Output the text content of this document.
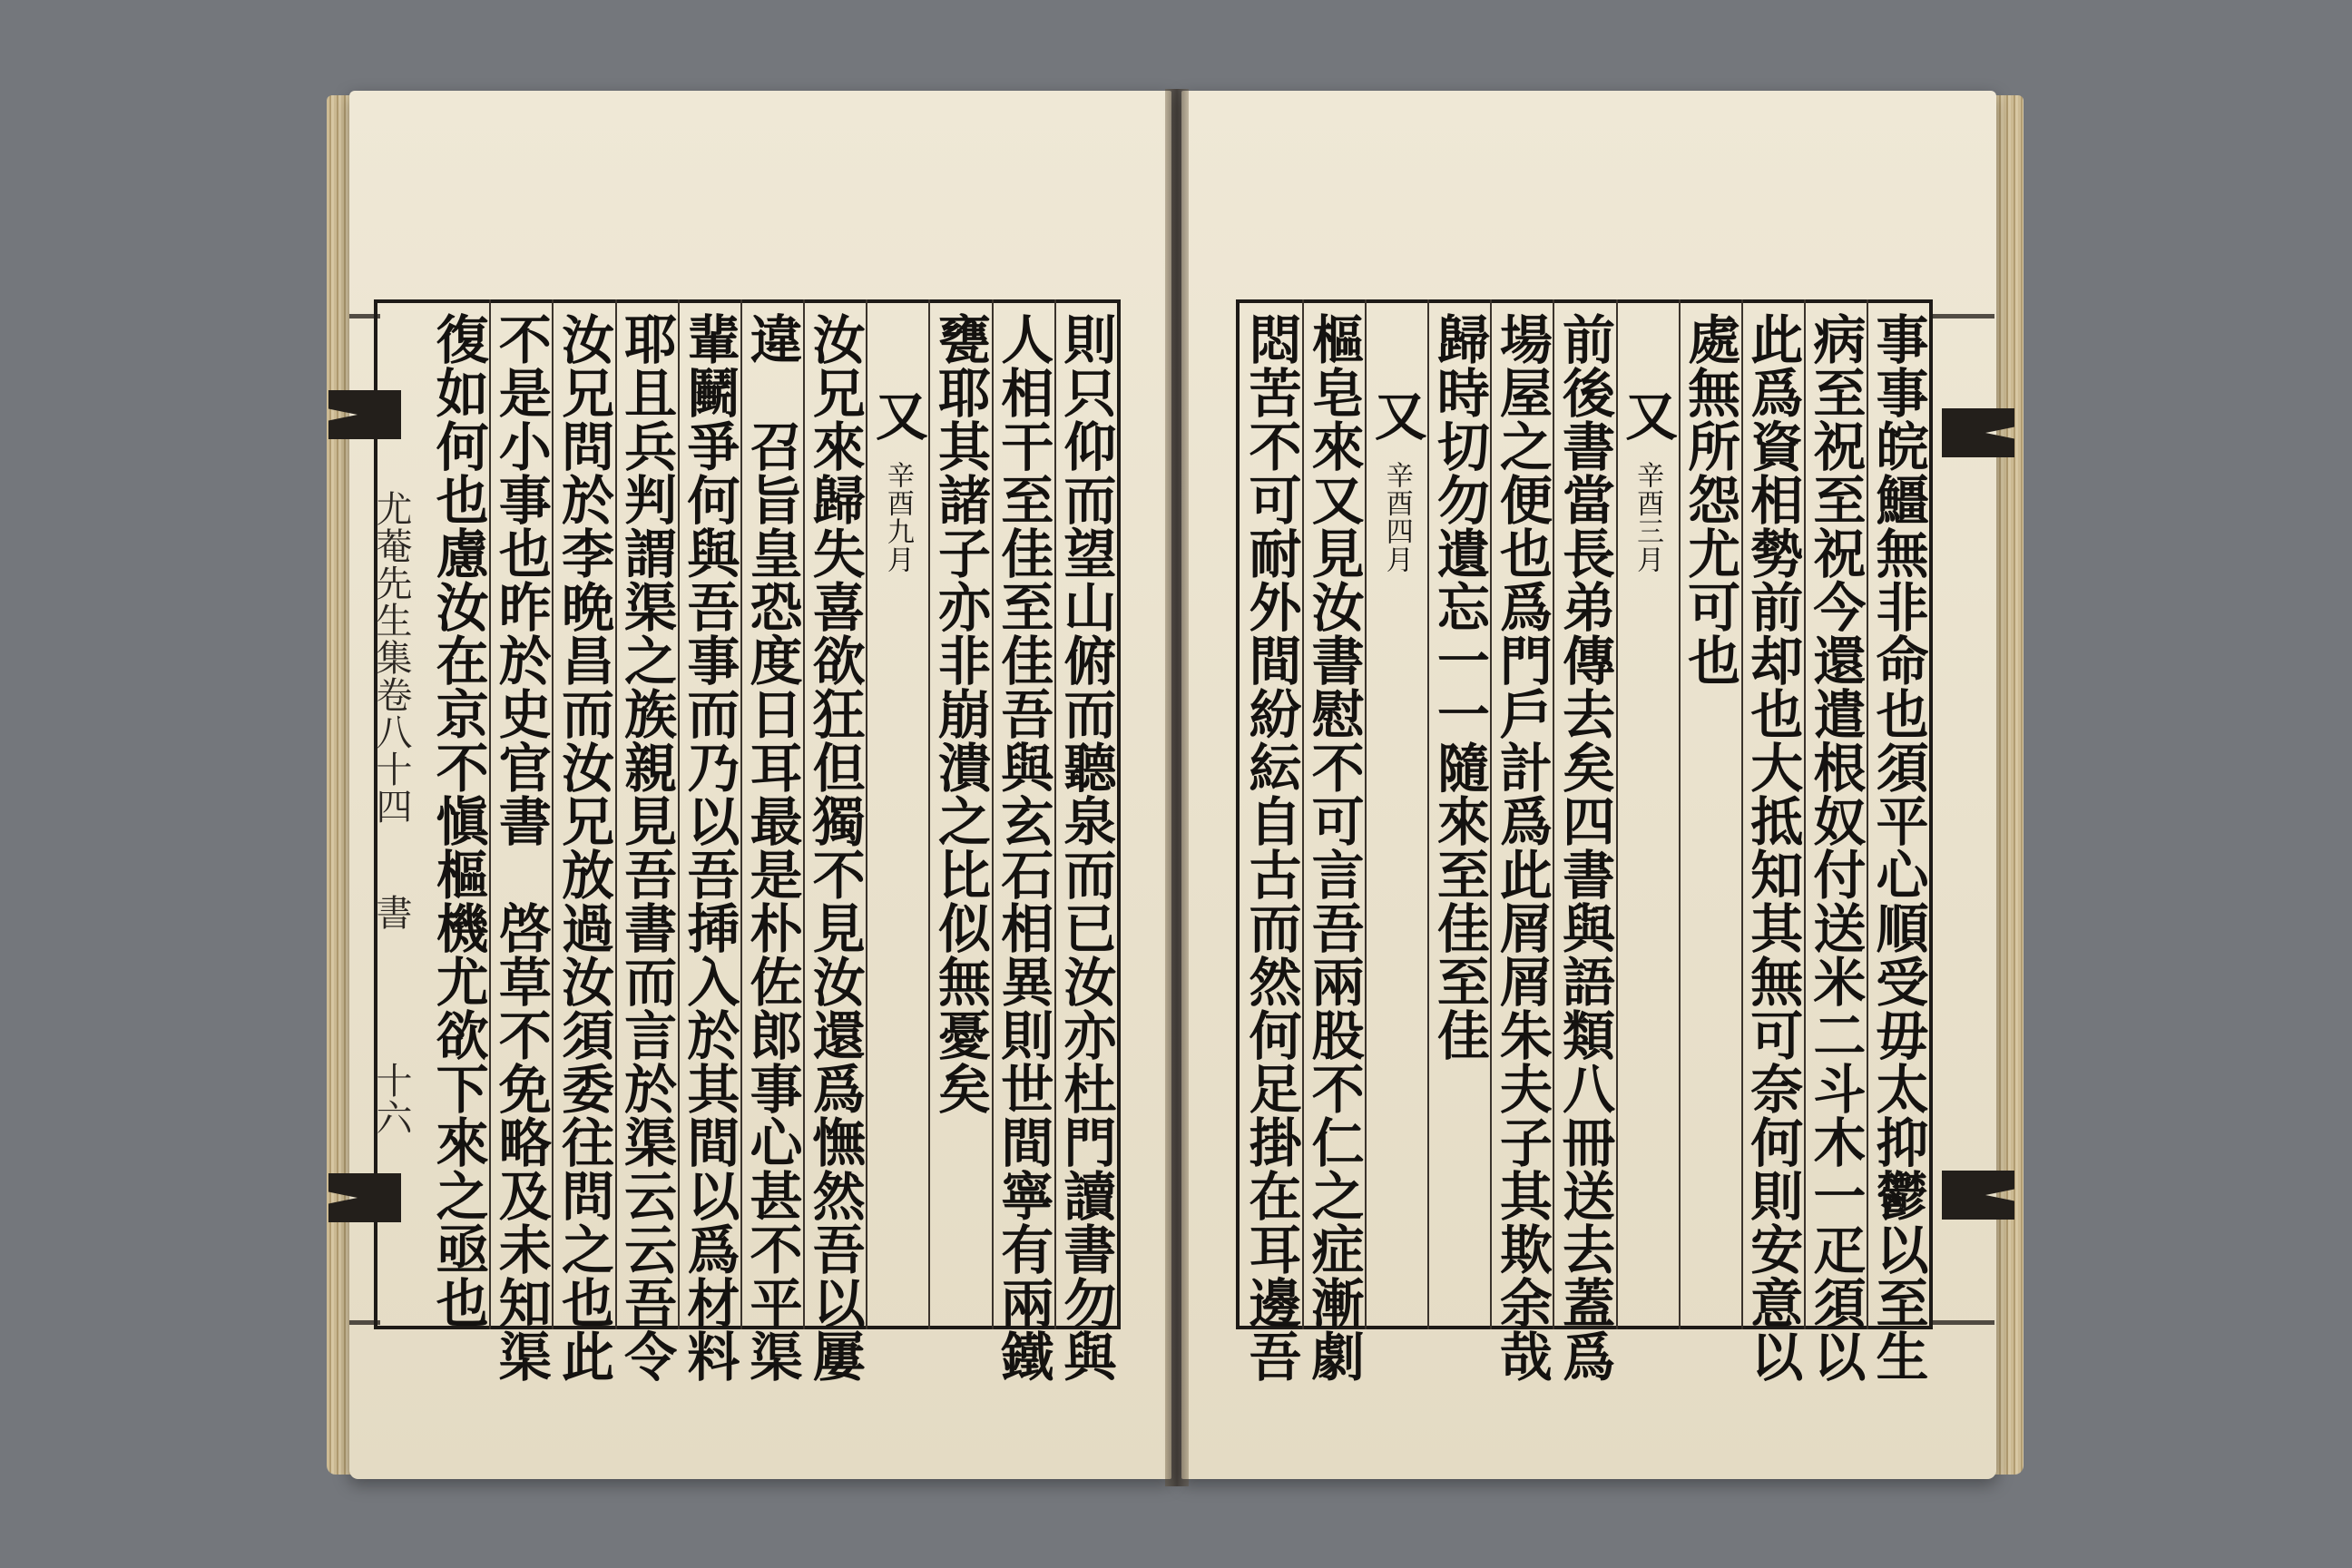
尤菴先生集卷八十四
書
十六	則只仰而望山俯而聽泉而已汝亦杜門讀書勿與
人相干至佳至佳吾與玄石相異則世間寧有兩鐵
甕耶其諸子亦非崩潰之比似無憂矣
又
辛酉九月
汝兄來歸失喜欲狂但獨不見汝還爲憮然吾以屢
違　召旨皇恐度日耳最是朴佐郎事心甚不平渠
輩鬭爭何與吾事而乃以吾揷入於其間以爲材料
耶且兵判謂渠之族親見吾書而言於渠云云吾令
汝兄問於李晩昌而汝兄放過汝須委往問之也此
不是小事也昨於史官書　啓草不免略及未知渠
復如何也慮汝在京不愼樞機尤欲下來之亟也	事事皖䲔無非命也須平心順受毋太抑鬱以至生
病至祝至祝今還遣根奴付送米二斗木一疋須以
此爲資相勢前却也大抵知其無可奈何則安意以
處無所怨尤可也
又
辛酉三月
前後書當長弟傳去矣四書與語類八冊送去蓋爲
場屋之便也爲門戶計爲此屑屑朱夫子其欺余哉
歸時切勿遺忘一一隨來至佳至佳
又
辛酉四月
樞皂來又見汝書慰不可言吾兩股不仁之症漸劇
悶苦不可耐外間紛紜自古而然何足掛在耳邊吾
